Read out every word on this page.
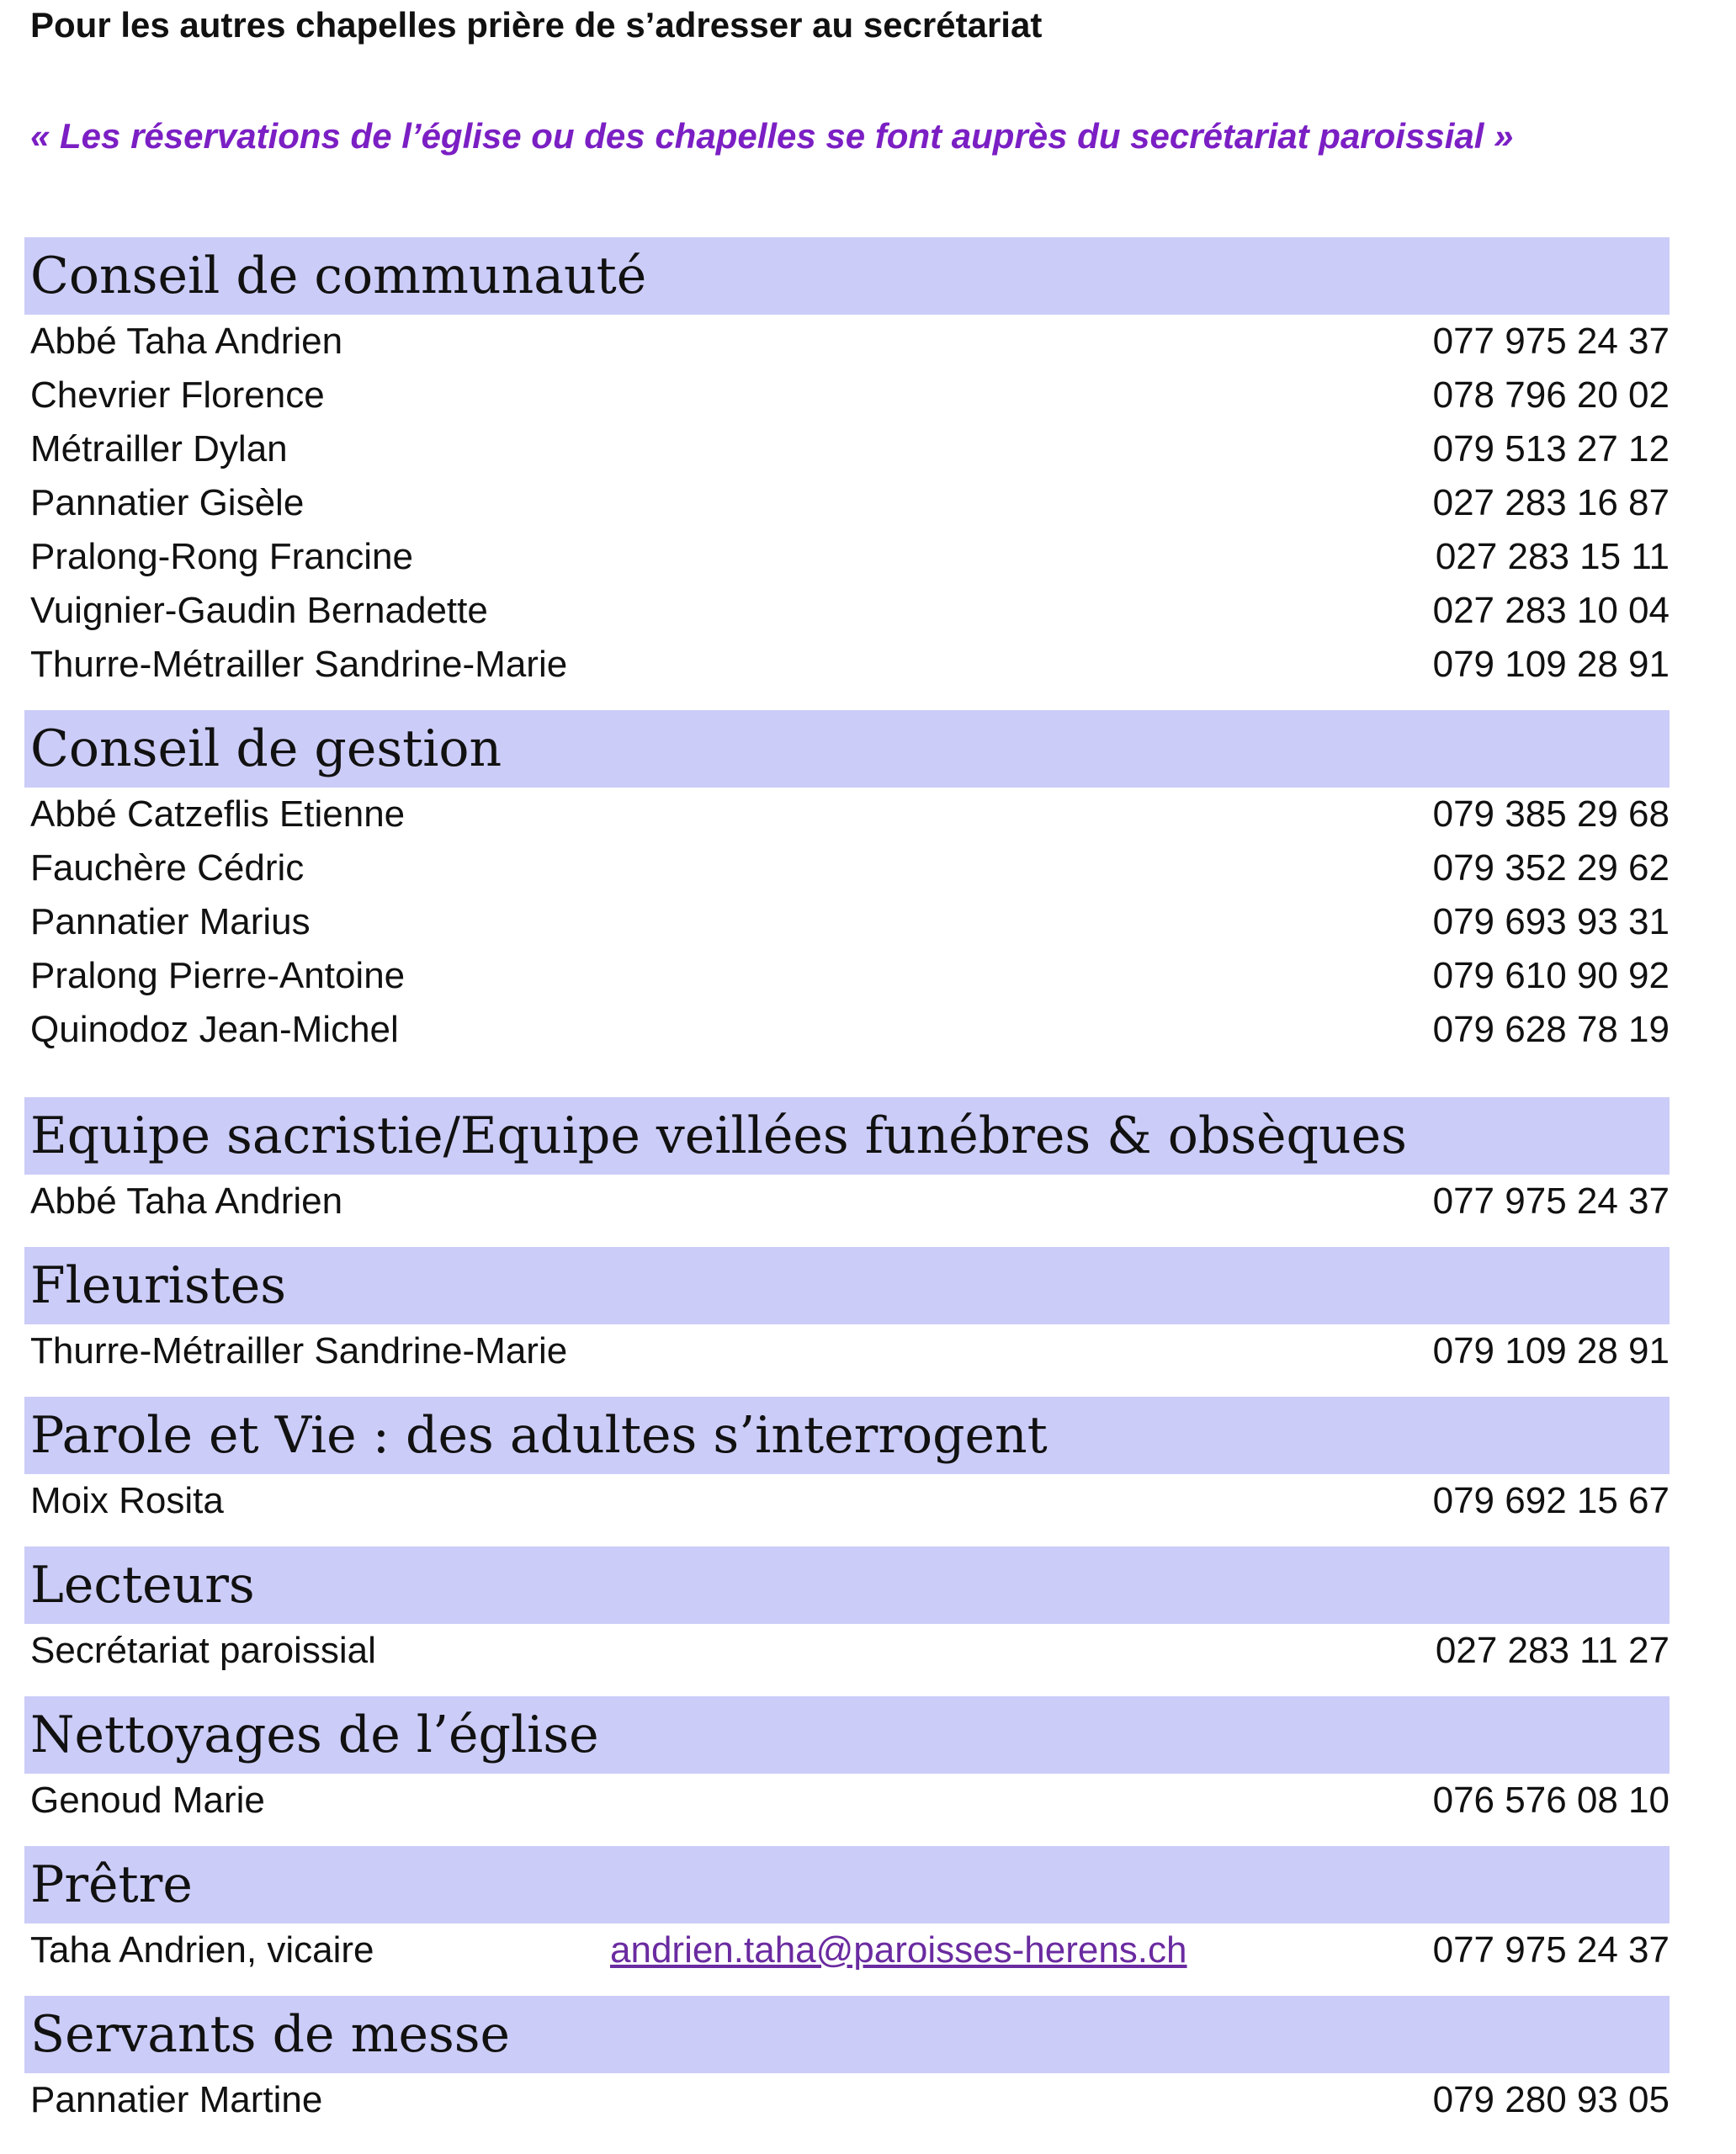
Pour les autres chapelles prière de s’adresser au secrétariat
« Les réservations de l’église ou des chapelles se font auprès du secrétariat paroissial »
Conseil de communauté
Abbé Taha Andrien	077 975 24 37
Chevrier Florence	078 796 20 02
Métrailler Dylan	079 513 27 12
Pannatier Gisèle	027 283 16 87
Pralong-Rong Francine	027 283 15 11
Vuignier-Gaudin Bernadette	027 283 10 04
Thurre-Métrailler Sandrine-Marie	079 109 28 91
Conseil de gestion
Abbé Catzeflis Etienne	079 385 29 68
Fauchère Cédric	079 352 29 62
Pannatier Marius	079 693 93 31
Pralong Pierre-Antoine	079 610 90 92
Quinodoz Jean-Michel	079 628 78 19
Equipe sacristie/Equipe veillées funébres & obsèques
Abbé Taha Andrien	077 975 24 37
Fleuristes
Thurre-Métrailler Sandrine-Marie	079 109 28 91
Parole et Vie : des adultes s’interrogent
Moix Rosita	079 692 15 67
Lecteurs
Secrétariat paroissial	027 283 11 27
Nettoyages de l’église
Genoud Marie	076 576 08 10
Prêtre
Taha Andrien, vicaire	andrien.taha@paroisses-herens.ch	077 975 24 37
Servants de messe
Pannatier Martine	079 280 93 05
